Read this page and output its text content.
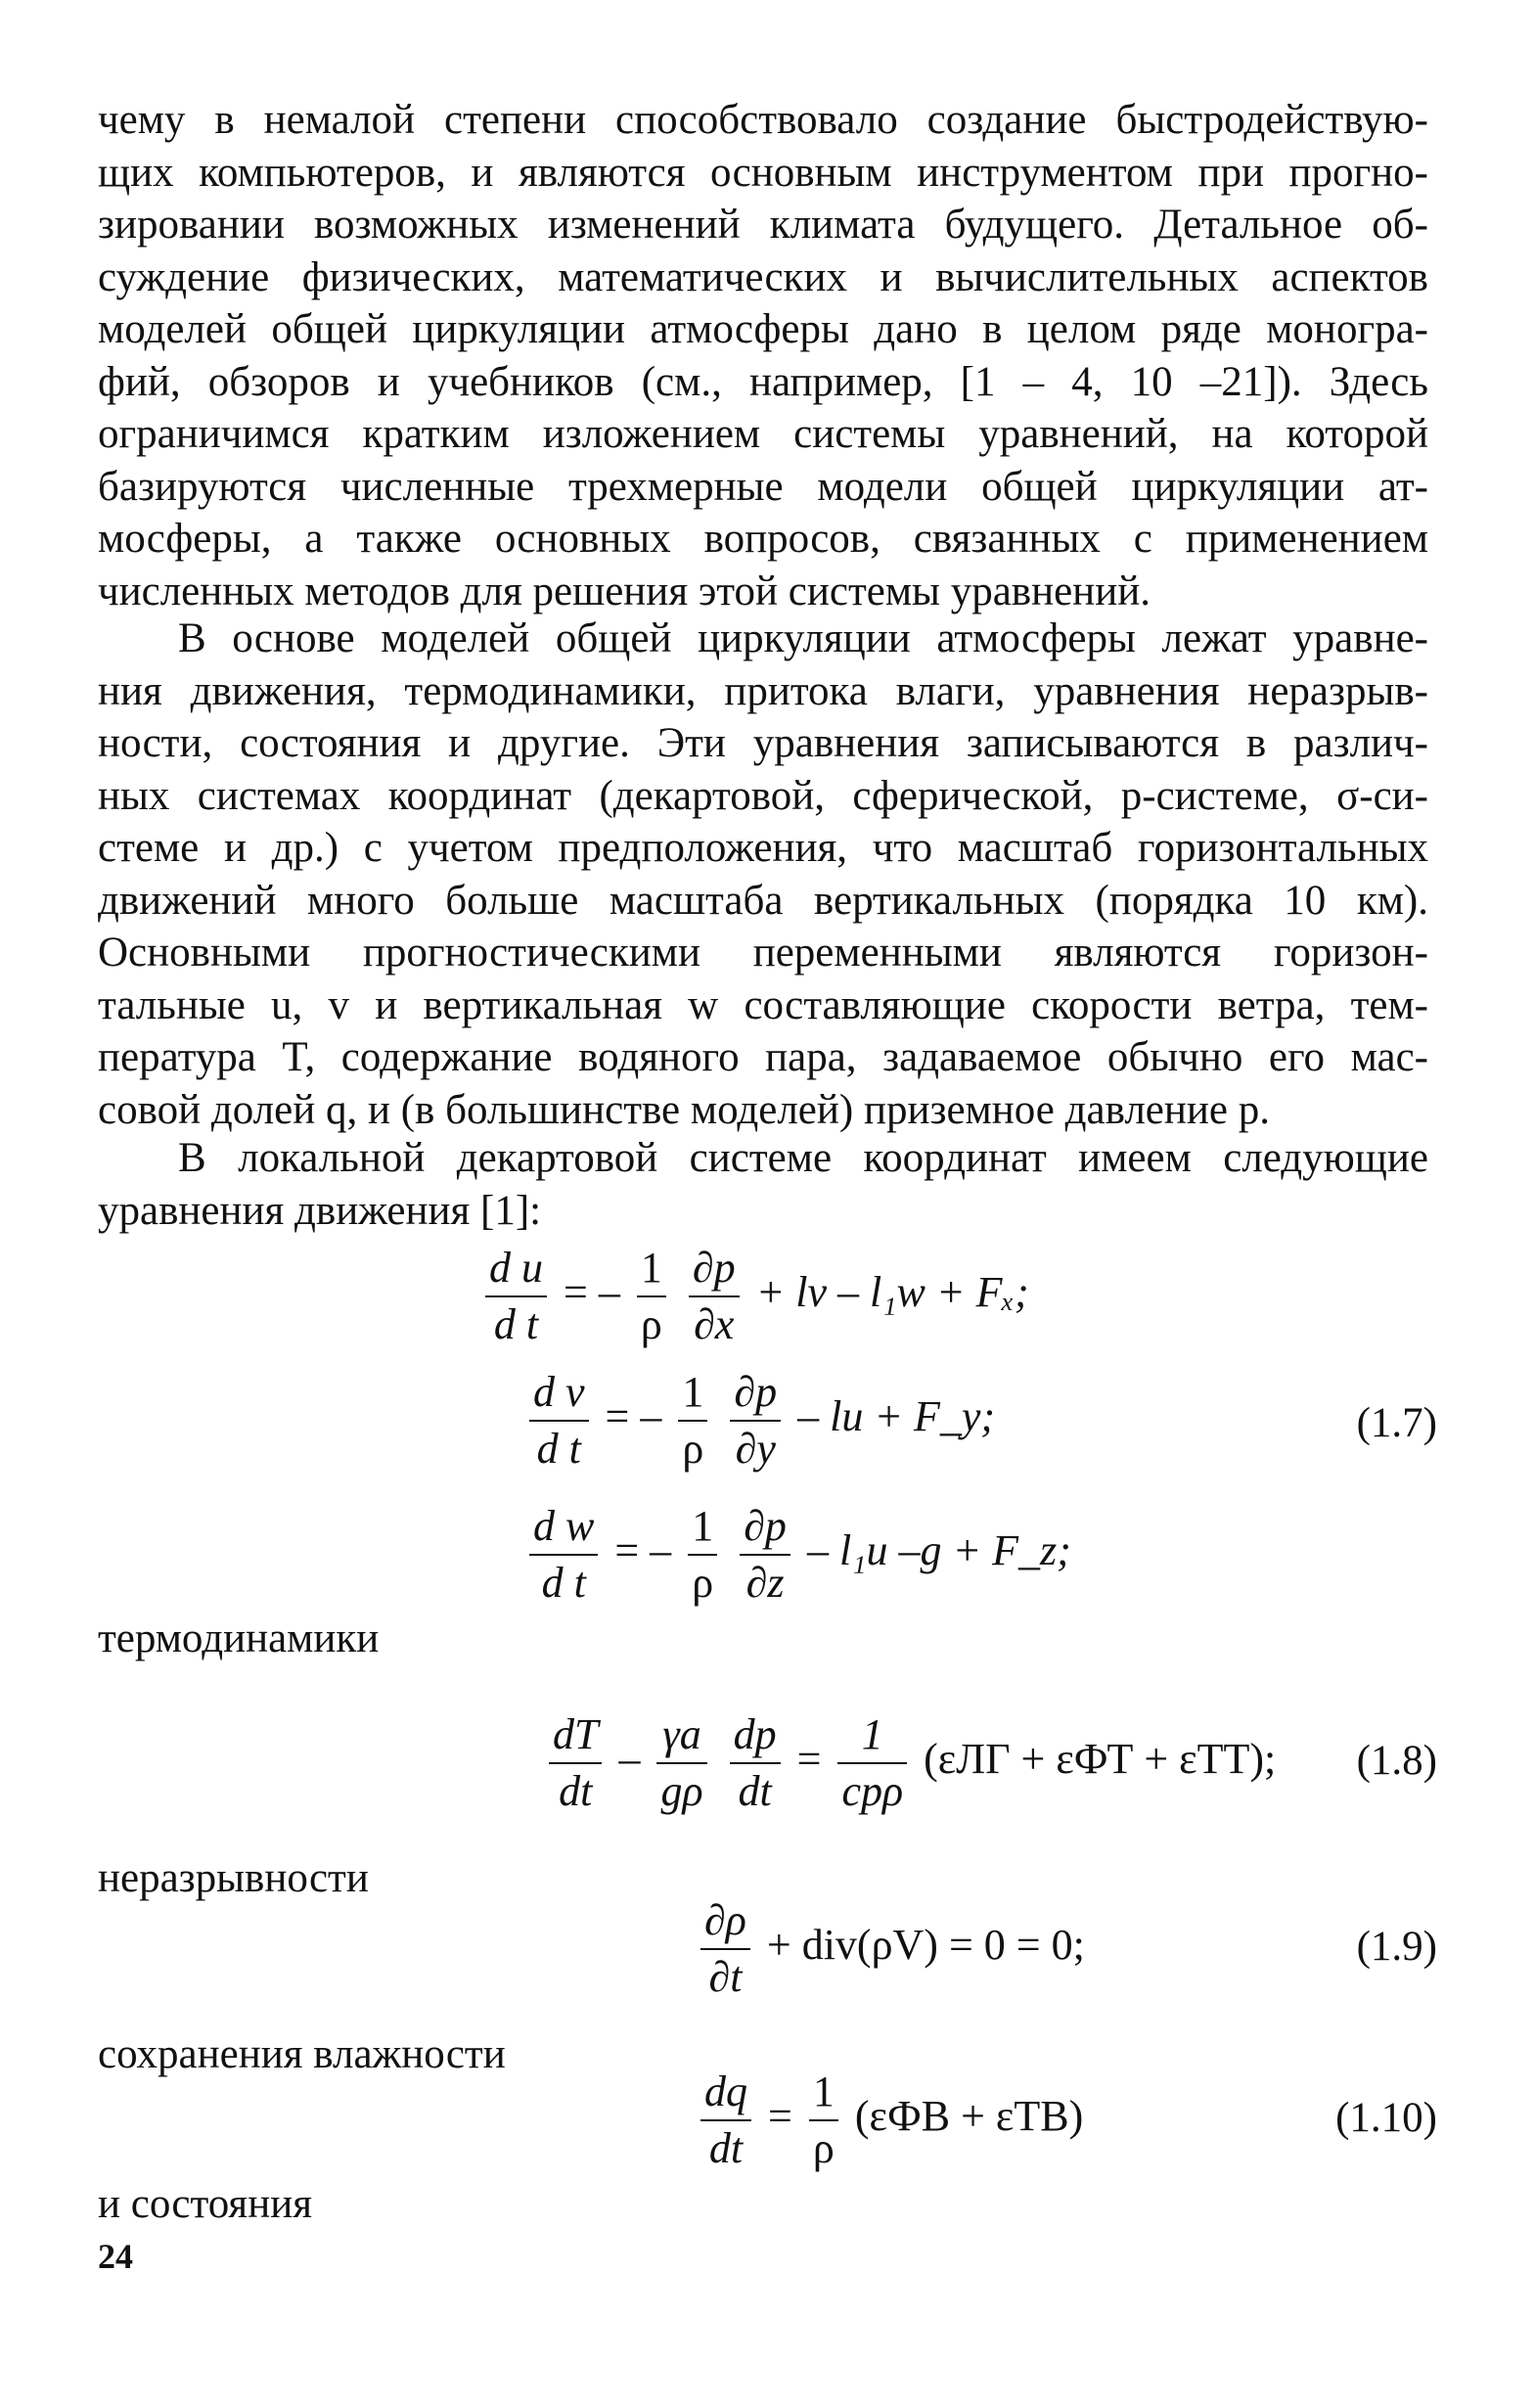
чему в немалой степени способствовало создание быстродействую-
щих компьютеров, и являются основным инструментом при прогно-
зировании возможных изменений климата будущего. Детальное об-
суждение физических, математических и вычислительных аспектов
моделей общей циркуляции атмосферы дано в целом ряде моногра-
фий, обзоров и учебников (см., например, [1 – 4, 10 –21]). Здесь
ограничимся кратким изложением системы уравнений, на которой
базируются численные трехмерные модели общей циркуляции ат-
мосферы, а также основных вопросов, связанных с применением
численных методов для решения этой системы уравнений.
В основе моделей общей циркуляции атмосферы лежат уравне-
ния движения, термодинамики, притока влаги, уравнения неразрыв-
ности, состояния и другие. Эти уравнения записываются в различ-
ных системах координат (декартовой, сферической, p-системе, σ-си-
стеме и др.) с учетом предположения, что масштаб горизонтальных
движений много больше масштаба вертикальных (порядка 10 км).
Основными прогностическими переменными являются горизон-
тальные u, v и вертикальная w составляющие скорости ветра, тем-
пература T, содержание водяного пара, задаваемое обычно его мас-
совой долей q, и (в большинстве моделей) приземное давление p.
В локальной декартовой системе координат имеем следующие
уравнения движения [1]:
$\frac{\text{d u}}{\text{d t}}$ = – $\frac{1}{\rho}$
$\frac{\partial p}{\partial x}$ + lv – l₁w + Fₓ;
$\frac{\text{d v}}{\text{d t}}$ = – $\frac{1}{\rho}$
$\frac{\partial p}{\partial y}$ – lu + F_y;	(1.7)
$\frac{\text{d w}}{\text{d t}}$ = – $\frac{1}{\rho}$
$\frac{\partial p}{\partial z} - l_1u$ –g + F_z;
термодинамики
$\frac{dT}{dt} - \frac{\gamma a}{g\rho}$
$\frac{dp}{dt} = \frac{1}{\text{cpρ}} (\varepsilon ЛГ + \varepsilon ФТ + \varepsilon ТТ)$; (1.8)
неразрывности
$\frac{\partial\rho}{\partial t} + div(\rho V) = 0 = 0$;	(1.9)
сохранения влажности
$\frac{dq}{dt} = \frac{1}{\rho} (\varepsilon ФВ + \varepsilon ТВ)$	(1.10)
и состояния
24
